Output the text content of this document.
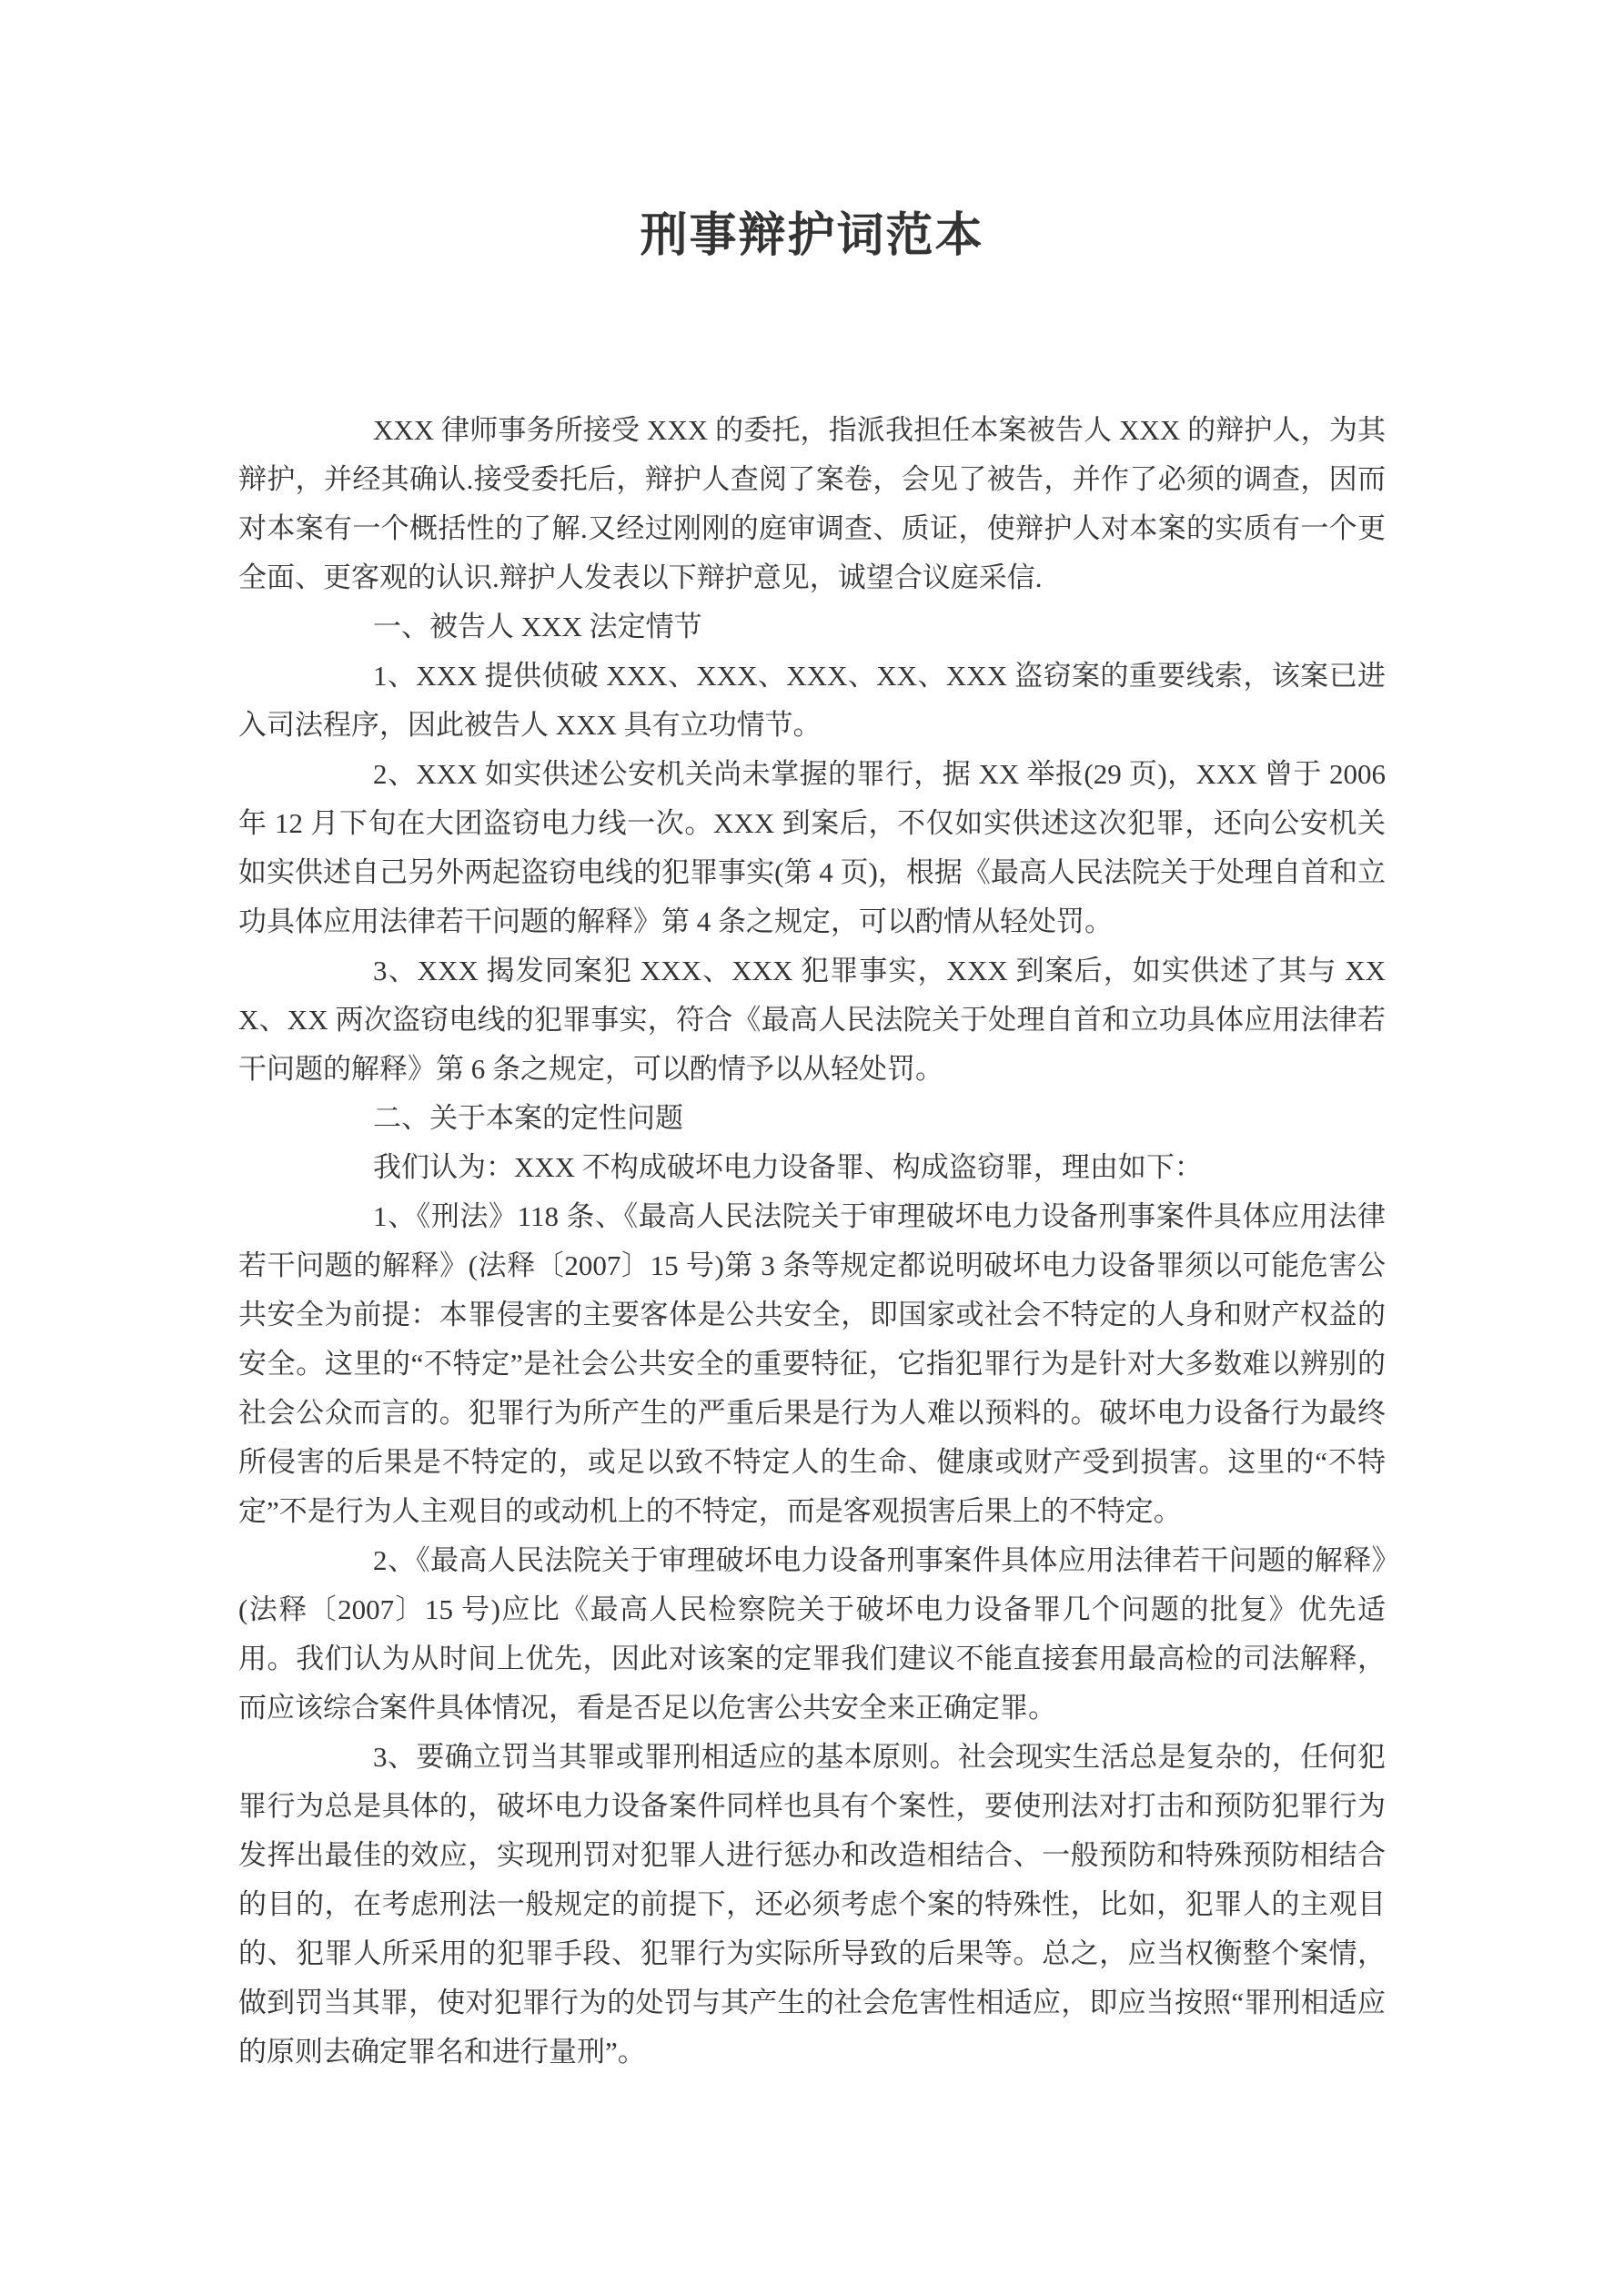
刑事辩护词范本

XXX 律师事务所接受 XXX 的委托，指派我担任本案被告人 XXX 的辩护人，为其辩护，并经其确认.接受委托后，辩护人查阅了案卷，会见了被告，并作了必须的调查，因而对本案有一个概括性的了解.又经过刚刚的庭审调查、质证，使辩护人对本案的实质有一个更全面、更客观的认识.辩护人发表以下辩护意见，诚望合议庭采信.

一、被告人 XXX 法定情节

1、XXX 提供侦破 XXX、XXX、XXX、XX、XXX 盗窃案的重要线索，该案已进入司法程序，因此被告人 XXX 具有立功情节。

2、XXX 如实供述公安机关尚未掌握的罪行，据 XX 举报(29 页)，XXX 曾于 2006 年 12 月下旬在大团盗窃电力线一次。XXX 到案后，不仅如实供述这次犯罪，还向公安机关如实供述自己另外两起盗窃电线的犯罪事实(第 4 页)，根据《最高人民法院关于处理自首和立功具体应用法律若干问题的解释》第 4 条之规定，可以酌情从轻处罚。

3、XXX 揭发同案犯 XXX、XXX 犯罪事实，XXX 到案后，如实供述了其与 XXX、XX 两次盗窃电线的犯罪事实，符合《最高人民法院关于处理自首和立功具体应用法律若干问题的解释》第 6 条之规定，可以酌情予以从轻处罚。

二、关于本案的定性问题

我们认为：XXX 不构成破坏电力设备罪、构成盗窃罪，理由如下：

1、《刑法》118 条、《最高人民法院关于审理破坏电力设备刑事案件具体应用法律若干问题的解释》(法释〔2007〕15 号)第 3 条等规定都说明破坏电力设备罪须以可能危害公共安全为前提：本罪侵害的主要客体是公共安全，即国家或社会不特定的人身和财产权益的安全。这里的“不特定”是社会公共安全的重要特征，它指犯罪行为是针对大多数难以辨别的社会公众而言的。犯罪行为所产生的严重后果是行为人难以预料的。破坏电力设备行为最终所侵害的后果是不特定的，或足以致不特定人的生命、健康或财产受到损害。这里的“不特定”不是行为人主观目的或动机上的不特定，而是客观损害后果上的不特定。

2、《最高人民法院关于审理破坏电力设备刑事案件具体应用法律若干问题的解释》(法释〔2007〕15 号)应比《最高人民检察院关于破坏电力设备罪几个问题的批复》优先适用。我们认为从时间上优先，因此对该案的定罪我们建议不能直接套用最高检的司法解释，而应该综合案件具体情况，看是否足以危害公共安全来正确定罪。

3、要确立罚当其罪或罪刑相适应的基本原则。社会现实生活总是复杂的，任何犯罪行为总是具体的，破坏电力设备案件同样也具有个案性，要使刑法对打击和预防犯罪行为发挥出最佳的效应，实现刑罚对犯罪人进行惩办和改造相结合、一般预防和特殊预防相结合的目的，在考虑刑法一般规定的前提下，还必须考虑个案的特殊性，比如，犯罪人的主观目的、犯罪人所采用的犯罪手段、犯罪行为实际所导致的后果等。总之，应当权衡整个案情，做到罚当其罪，使对犯罪行为的处罚与其产生的社会危害性相适应，即应当按照“罪刑相适应的原则去确定罪名和进行量刑”。
